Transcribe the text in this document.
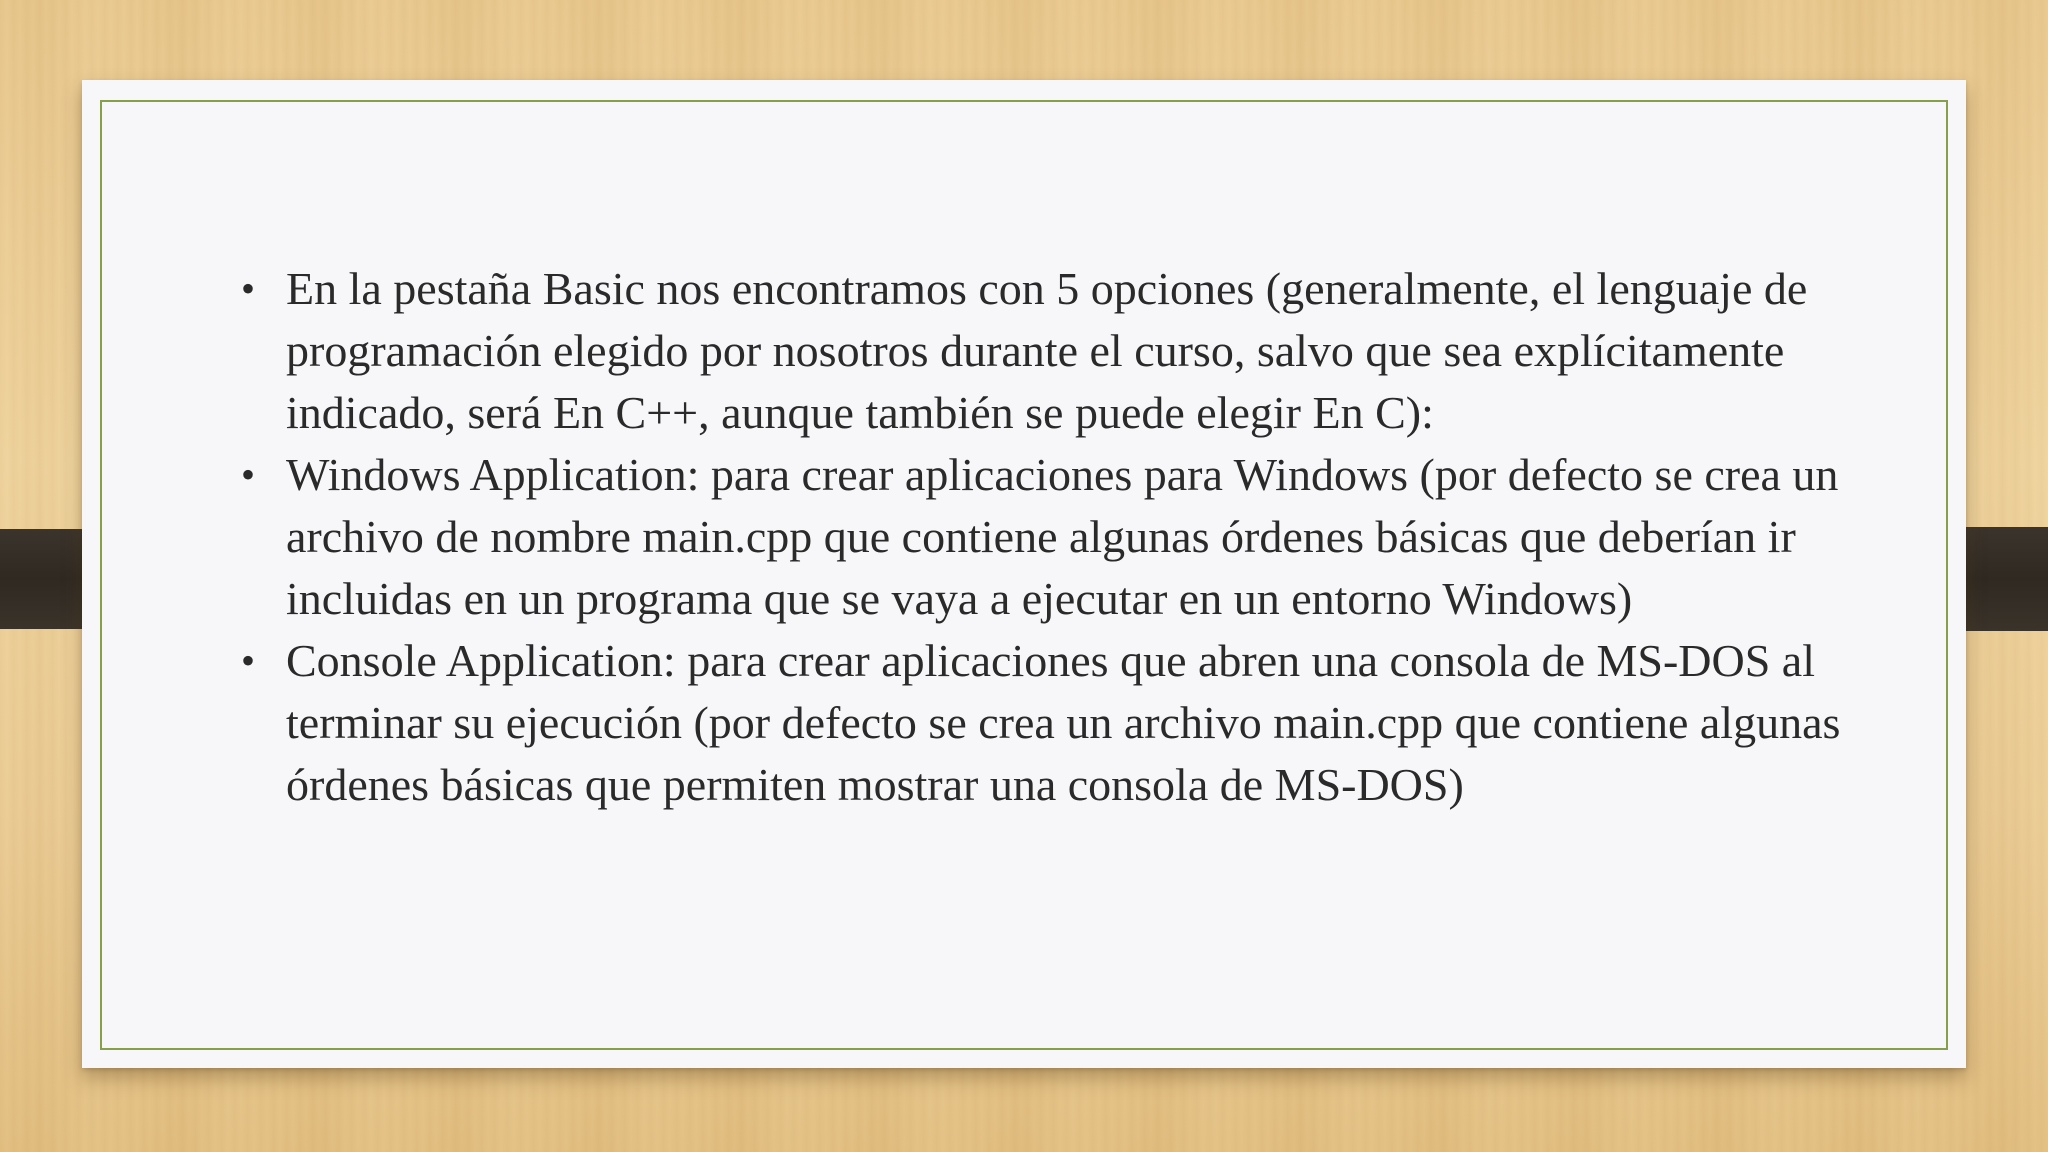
• En la pestaña Basic nos encontramos con 5 opciones (generalmente, el lenguaje de programación elegido por nosotros durante el curso, salvo que sea explícitamente indicado, será En C++, aunque también se puede elegir En C):
• Windows Application: para crear aplicaciones para Windows (por defecto se crea un archivo de nombre main.cpp que contiene algunas órdenes básicas que deberían ir incluidas en un programa que se vaya a ejecutar en un entorno Windows)
• Console Application: para crear aplicaciones que abren una consola de MS-DOS al terminar su ejecución (por defecto se crea un archivo main.cpp que contiene algunas órdenes básicas que permiten mostrar una consola de MS-DOS)
